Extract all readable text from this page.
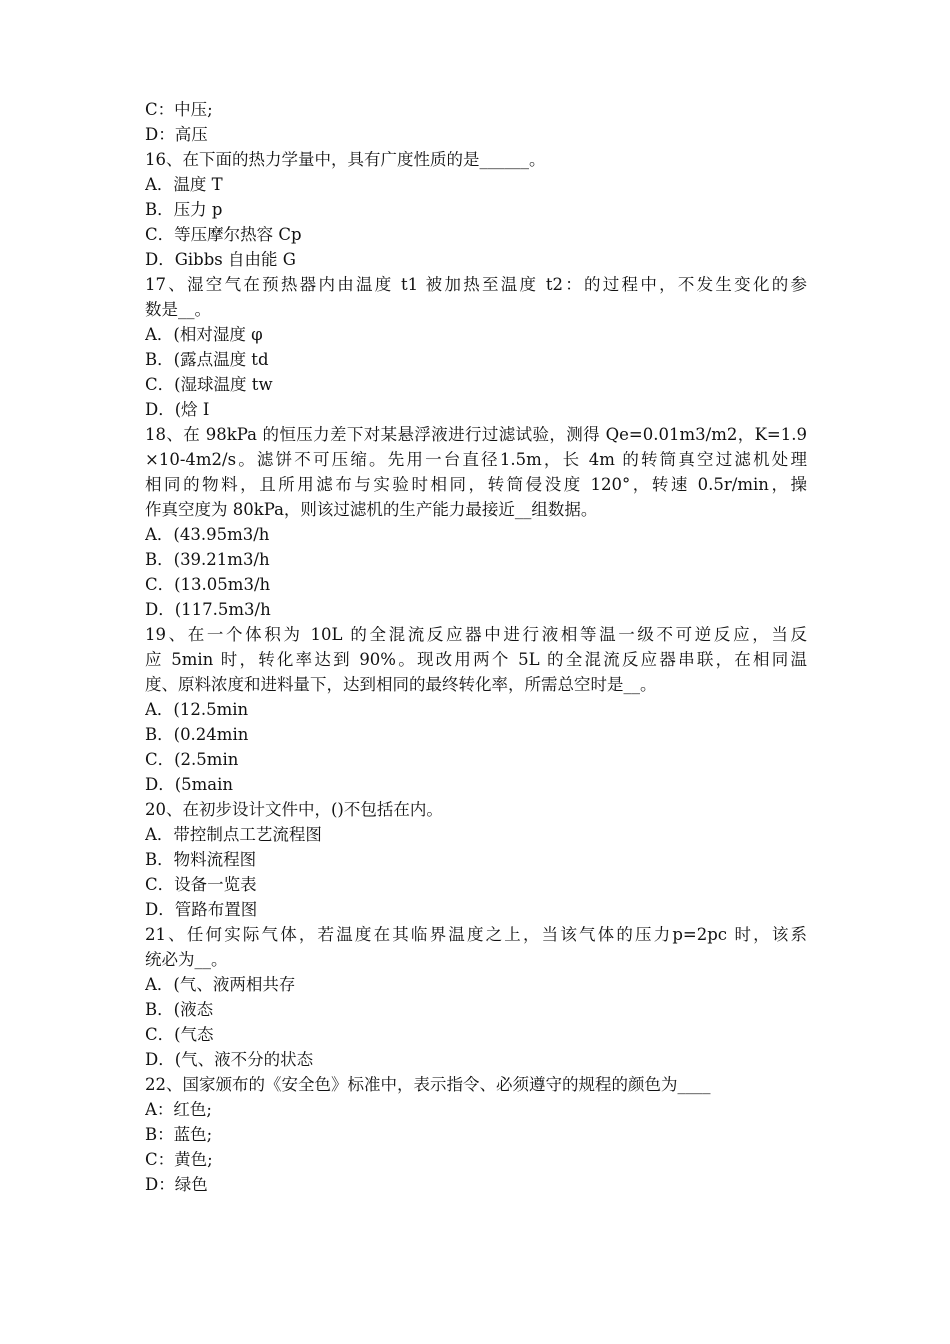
C：中压;
D：高压
16、在下面的热力学量中，具有广度性质的是______。
A．温度 T
B．压力 p
C．等压摩尔热容 Cp
D．Gibbs 自由能 G
17、湿空气在预热器内由温度 t1 被加热至温度 t2：的过程中，不发生变化的参
数是__。
A．(相对湿度 φ
B．(露点温度 td
C．(湿球温度 tw
D．(焓 I
18、在 98kPa 的恒压力差下对某悬浮液进行过滤试验，测得 Qe=0.01m3/m2，K=1.9
×10-4m2/s。滤饼不可压缩。先用一台直径1.5m，长 4m 的转筒真空过滤机处理
相同的物料，且所用滤布与实验时相同，转筒侵没度 120°，转速 0.5r/min，操
作真空度为 80kPa，则该过滤机的生产能力最接近__组数据。
A．(43.95m3/h
B．(39.21m3/h
C．(13.05m3/h
D．(117.5m3/h
19、在一个体积为 10L 的全混流反应器中进行液相等温一级不可逆反应，当反
应 5min 时，转化率达到 90%。现改用两个 5L 的全混流反应器串联，在相同温
度、原料浓度和进料量下，达到相同的最终转化率，所需总空时是__。
A．(12.5min
B．(0.24min
C．(2.5min
D．(5main
20、在初步设计文件中，()不包括在内。
A．带控制点工艺流程图
B．物料流程图
C．设备一览表
D．管路布置图
21、任何实际气体，若温度在其临界温度之上，当该气体的压力p=2pc 时，该系
统必为__。
A．(气、液两相共存
B．(液态
C．(气态
D．(气、液不分的状态
22、国家颁布的《安全色》标准中，表示指令、必须遵守的规程的颜色为____
A：红色;
B：蓝色;
C：黄色;
D：绿色
